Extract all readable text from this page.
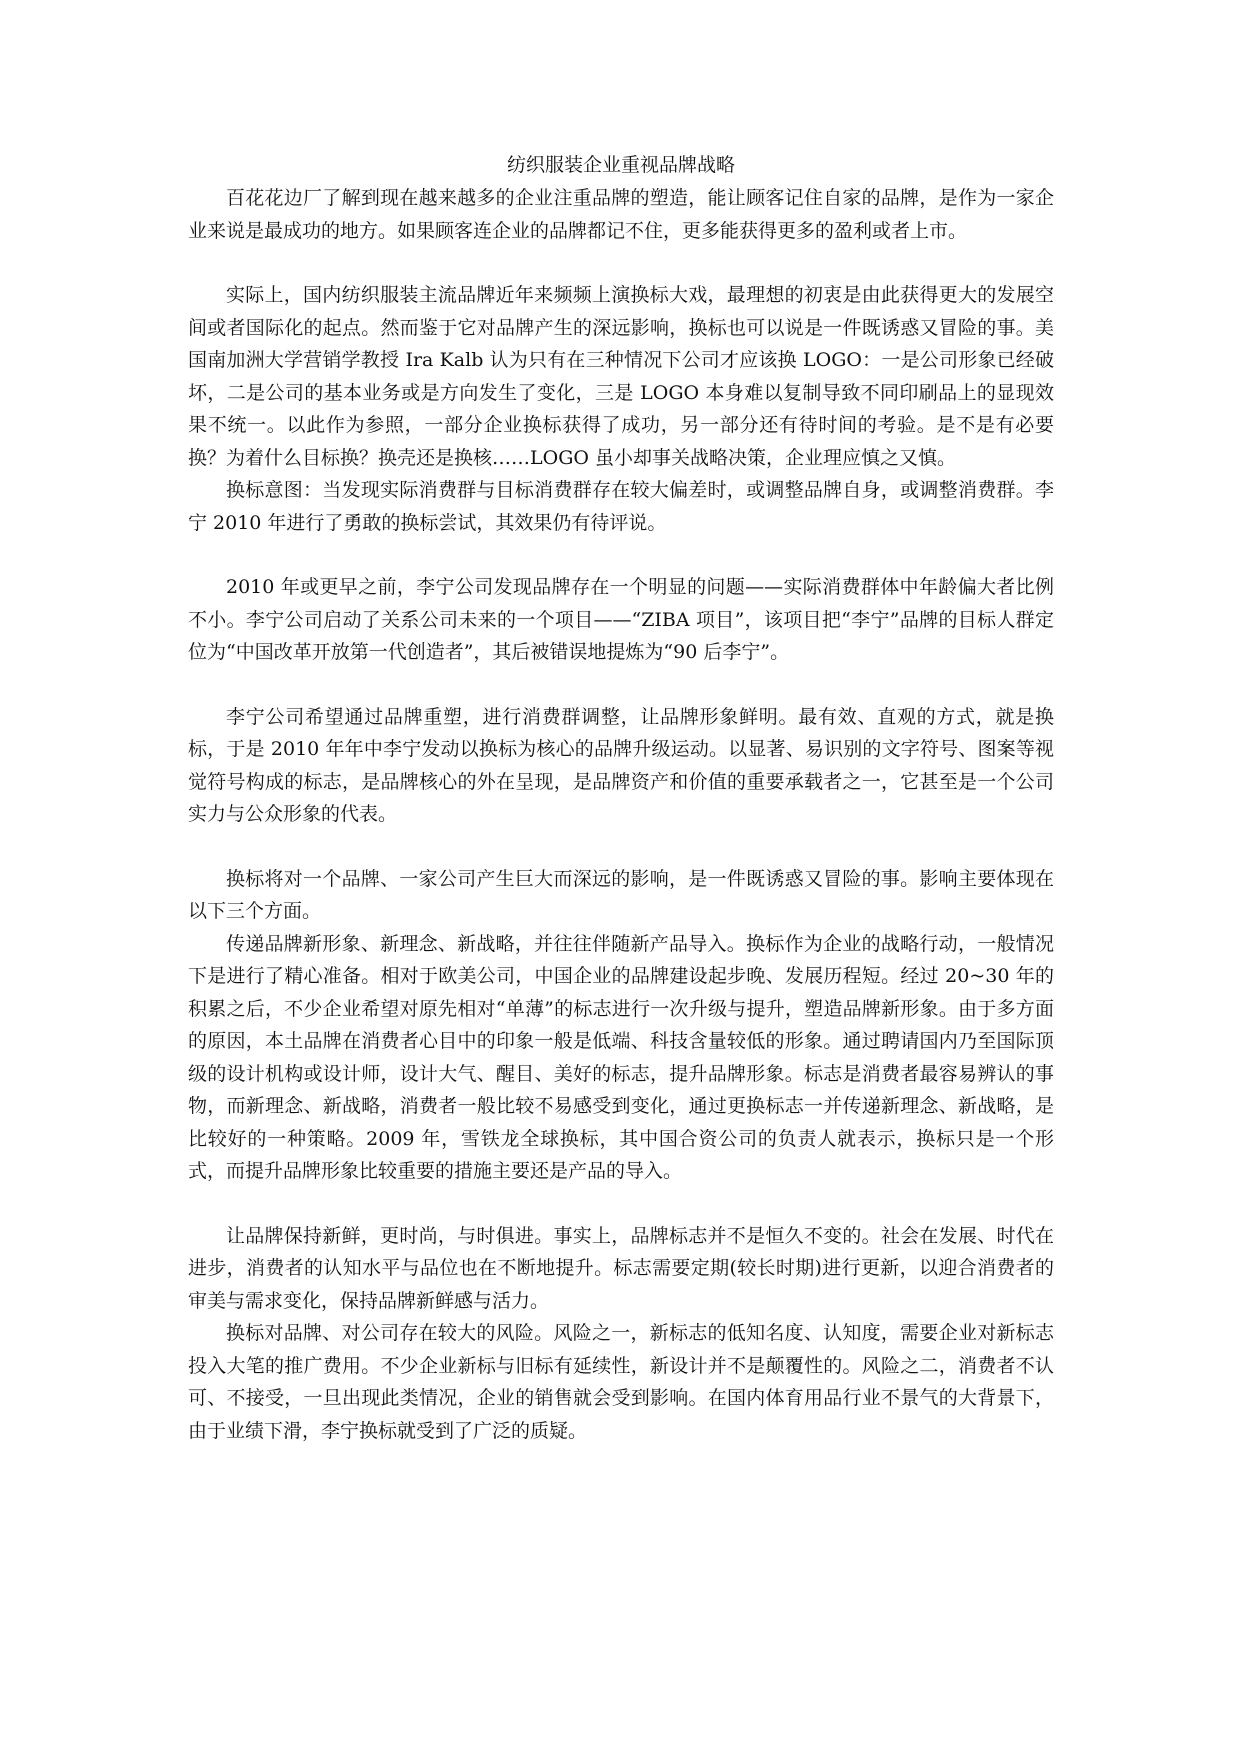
纺织服装企业重视品牌战略

百花花边厂了解到现在越来越多的企业注重品牌的塑造，能让顾客记住自家的品牌，是作为一家企业来说是最成功的地方。如果顾客连企业的品牌都记不住，更多能获得更多的盈利或者上市。

实际上，国内纺织服装主流品牌近年来频频上演换标大戏，最理想的初衷是由此获得更大的发展空间或者国际化的起点。然而鉴于它对品牌产生的深远影响，换标也可以说是一件既诱惑又冒险的事。美国南加洲大学营销学教授 Ira Kalb 认为只有在三种情况下公司才应该换 LOGO：一是公司形象已经破坏，二是公司的基本业务或是方向发生了变化，三是 LOGO 本身难以复制导致不同印刷品上的显现效果不统一。以此作为参照，一部分企业换标获得了成功，另一部分还有待时间的考验。是不是有必要换？为着什么目标换？换壳还是换核……LOGO 虽小却事关战略决策，企业理应慎之又慎。

换标意图：当发现实际消费群与目标消费群存在较大偏差时，或调整品牌自身，或调整消费群。李宁 2010 年进行了勇敢的换标尝试，其效果仍有待评说。

2010 年或更早之前，李宁公司发现品牌存在一个明显的问题——实际消费群体中年龄偏大者比例不小。李宁公司启动了关系公司未来的一个项目——“ZIBA 项目”，该项目把“李宁”品牌的目标人群定位为“中国改革开放第一代创造者”，其后被错误地提炼为“90 后李宁”。

李宁公司希望通过品牌重塑，进行消费群调整，让品牌形象鲜明。最有效、直观的方式，就是换标，于是 2010 年年中李宁发动以换标为核心的品牌升级运动。以显著、易识别的文字符号、图案等视觉符号构成的标志，是品牌核心的外在呈现，是品牌资产和价值的重要承载者之一，它甚至是一个公司实力与公众形象的代表。

换标将对一个品牌、一家公司产生巨大而深远的影响，是一件既诱惑又冒险的事。影响主要体现在以下三个方面。

传递品牌新形象、新理念、新战略，并往往伴随新产品导入。换标作为企业的战略行动，一般情况下是进行了精心准备。相对于欧美公司，中国企业的品牌建设起步晚、发展历程短。经过 20~30 年的积累之后，不少企业希望对原先相对“单薄”的标志进行一次升级与提升，塑造品牌新形象。由于多方面的原因，本土品牌在消费者心目中的印象一般是低端、科技含量较低的形象。通过聘请国内乃至国际顶级的设计机构或设计师，设计大气、醒目、美好的标志，提升品牌形象。标志是消费者最容易辨认的事物，而新理念、新战略，消费者一般比较不易感受到变化，通过更换标志一并传递新理念、新战略，是比较好的一种策略。2009 年，雪铁龙全球换标，其中国合资公司的负责人就表示，换标只是一个形式，而提升品牌形象比较重要的措施主要还是产品的导入。

让品牌保持新鲜，更时尚，与时俱进。事实上，品牌标志并不是恒久不变的。社会在发展、时代在进步，消费者的认知水平与品位也在不断地提升。标志需要定期(较长时期)进行更新，以迎合消费者的审美与需求变化，保持品牌新鲜感与活力。

换标对品牌、对公司存在较大的风险。风险之一，新标志的低知名度、认知度，需要企业对新标志投入大笔的推广费用。不少企业新标与旧标有延续性，新设计并不是颠覆性的。风险之二，消费者不认可、不接受，一旦出现此类情况，企业的销售就会受到影响。在国内体育用品行业不景气的大背景下，由于业绩下滑，李宁换标就受到了广泛的质疑。
